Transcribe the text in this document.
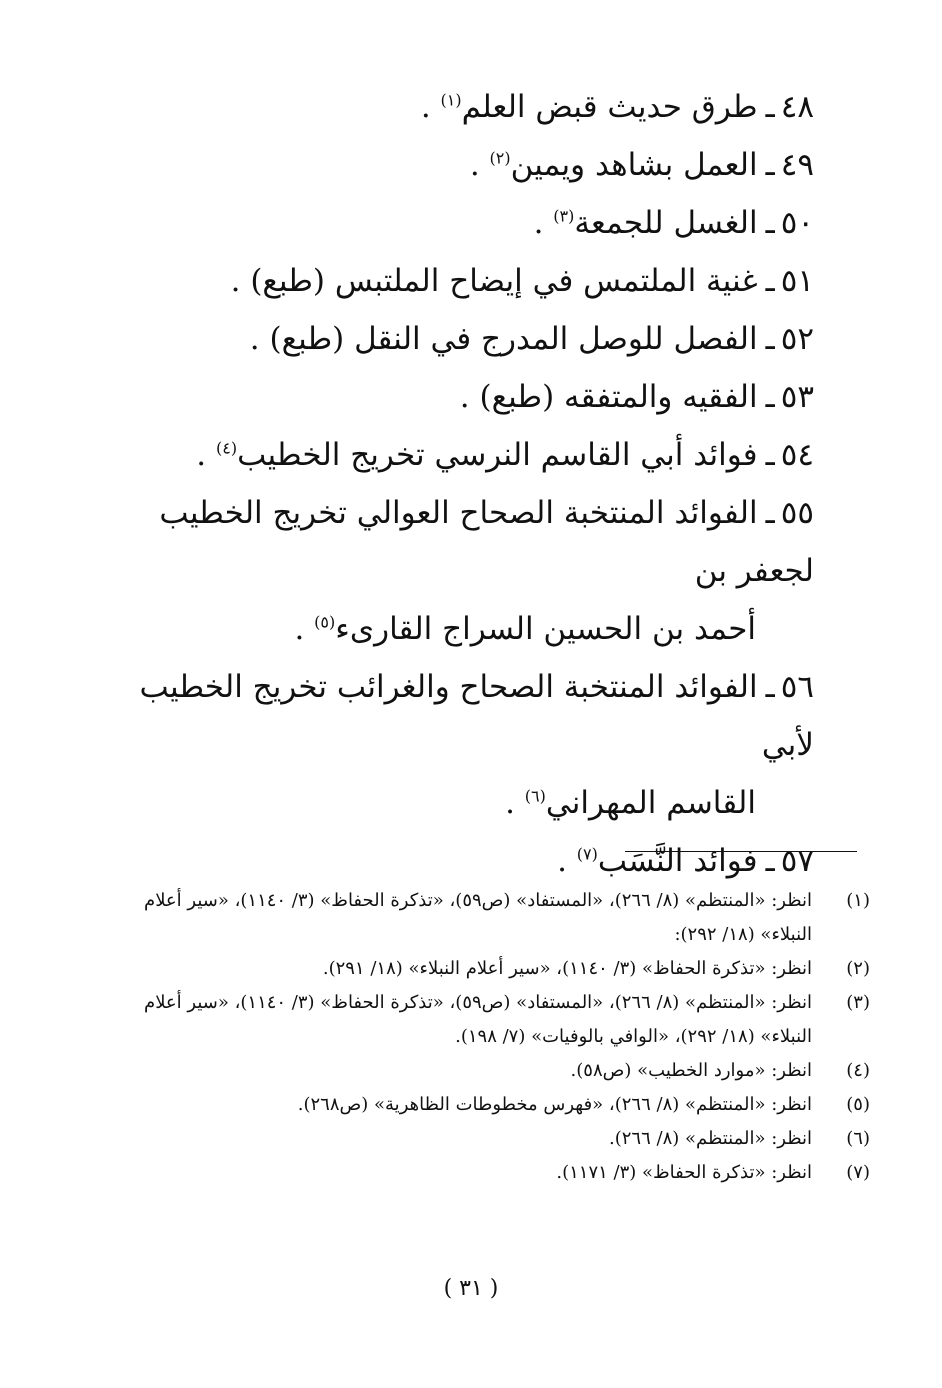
٤٨ـطرق حديث قبض العلم$^{(١)}$ .
٤٩ـالعمل بشاهد ويمين$^{(٢)}$ .
٥٠ـالغسل للجمعة$^{(٣)}$ .
٥١ـغنية الملتمس في إيضاح الملتبس (طبع) .
٥٢ـالفصل للوصل المدرج في النقل (طبع) .
٥٣ـالفقيه والمتفقه (طبع) .
٥٤ـفوائد أبي القاسم النرسي تخريج الخطيب$^{(٤)}$ .
٥٥ـالفوائد المنتخبة الصحاح العوالي تخريج الخطيب لجعفر بن
أحمد بن الحسين السراج القارىء$^{(٥)}$ .
٥٦ـالفوائد المنتخبة الصحاح والغرائب تخريج الخطيب لأبي
القاسم المهراني$^{(٦)}$ .
٥٧ـفوائد النَّسَب$^{(٧)}$ .
(١)
انظر: «المنتظم» (٨/ ٢٦٦)، «المستفاد» (ص٥٩)، «تذكرة الحفاظ» (٣/ ١١٤٠)، «سير أعلام النبلاء» (١٨/ ٢٩٢):
(٢)
انظر: «تذكرة الحفاظ» (٣/ ١١٤٠)، «سير أعلام النبلاء» (١٨/ ٢٩١).
(٣)
انظر: «المنتظم» (٨/ ٢٦٦)، «المستفاد» (ص٥٩)، «تذكرة الحفاظ» (٣/ ١١٤٠)، «سير أعلام النبلاء» (١٨/ ٢٩٢)، «الوافي بالوفيات» (٧/ ١٩٨).
(٤)
انظر: «موارد الخطيب» (ص٥٨).
(٥)
انظر: «المنتظم» (٨/ ٢٦٦)، «فهرس مخطوطات الظاهرية» (ص٢٦٨).
(٦)
انظر: «المنتظم» (٨/ ٢٦٦).
(٧)
انظر: «تذكرة الحفاظ» (٣/ ١١٧١).
( ٣١ )
